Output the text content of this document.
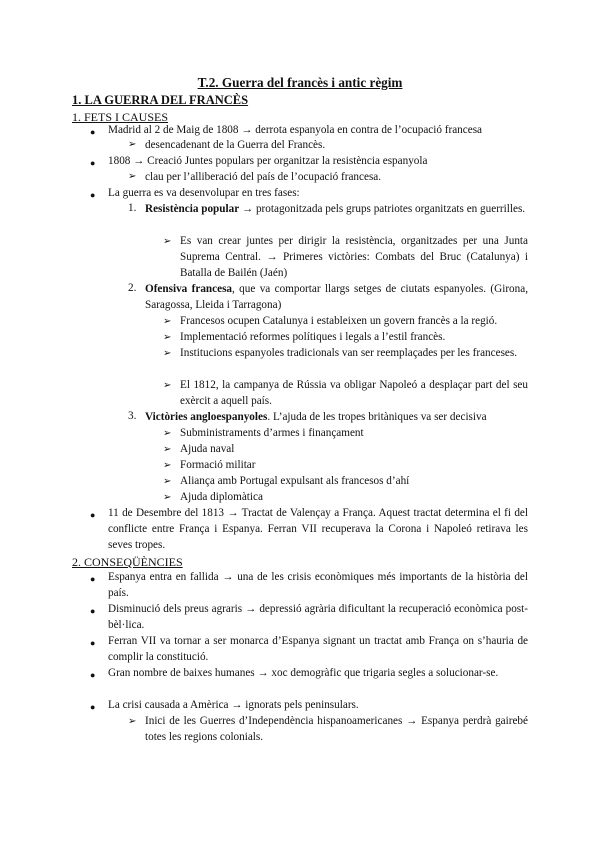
T.2. Guerra del francès i antic règim
1. LA GUERRA DEL FRANCÈS
1. FETS I CAUSES
● Madrid al 2 de Maig de 1808 → derrota espanyola en contra de l’ocupació francesa
➢ desencadenant de la Guerra del Francès.
● 1808 → Creació Juntes populars per organitzar la resistència espanyola
➢ clau per l’alliberació del país de l’ocupació francesa.
● La guerra es va desenvolupar en tres fases:
1. Resistència popular → protagonitzada pels grups patriotes organitzats en guerrilles.
➢ Es van crear juntes per dirigir la resistència, organitzades per una Junta Suprema Central. → Primeres victòries: Combats del Bruc (Catalunya) i Batalla de Bailén (Jaén)
2. Ofensiva francesa, que va comportar llargs setges de ciutats espanyoles. (Girona, Saragossa, Lleida i Tarragona)
➢ Francesos ocupen Catalunya i estableixen un govern francès a la regió.
➢ Implementació reformes polítiques i legals a l’estil francès.
➢ Institucions espanyoles tradicionals van ser reemplaçades per les franceses.
➢ El 1812, la campanya de Rússia va obligar Napoleó a desplaçar part del seu exèrcit a aquell país.
3. Victòries angloespanyoles. L’ajuda de les tropes britàniques va ser decisiva
➢ Subministraments d’armes i finançament
➢ Ajuda naval
➢ Formació militar
➢ Aliança amb Portugal expulsant als francesos d’ahí
➢ Ajuda diplomàtica
● 11 de Desembre del 1813 → Tractat de Valençay a França. Aquest tractat determina el fi del conflicte entre França i Espanya. Ferran VII recuperava la Corona i Napoleó retirava les seves tropes.
2. CONSEQÜÈNCIES
● Espanya entra en fallida → una de les crisis econòmiques més importants de la història del país.
● Disminució dels preus agraris → depressió agrària dificultant la recuperació econòmica post-bèl·lica.
● Ferran VII va tornar a ser monarca d’Espanya signant un tractat amb França on s’hauria de complir la constitució.
● Gran nombre de baixes humanes → xoc demogràfic que trigaria segles a solucionar-se.
● La crisi causada a Amèrica → ignorats pels peninsulars.
➢ Inici de les Guerres d’Independència hispanoamericanes → Espanya perdrà gairebé totes les regions colonials.
